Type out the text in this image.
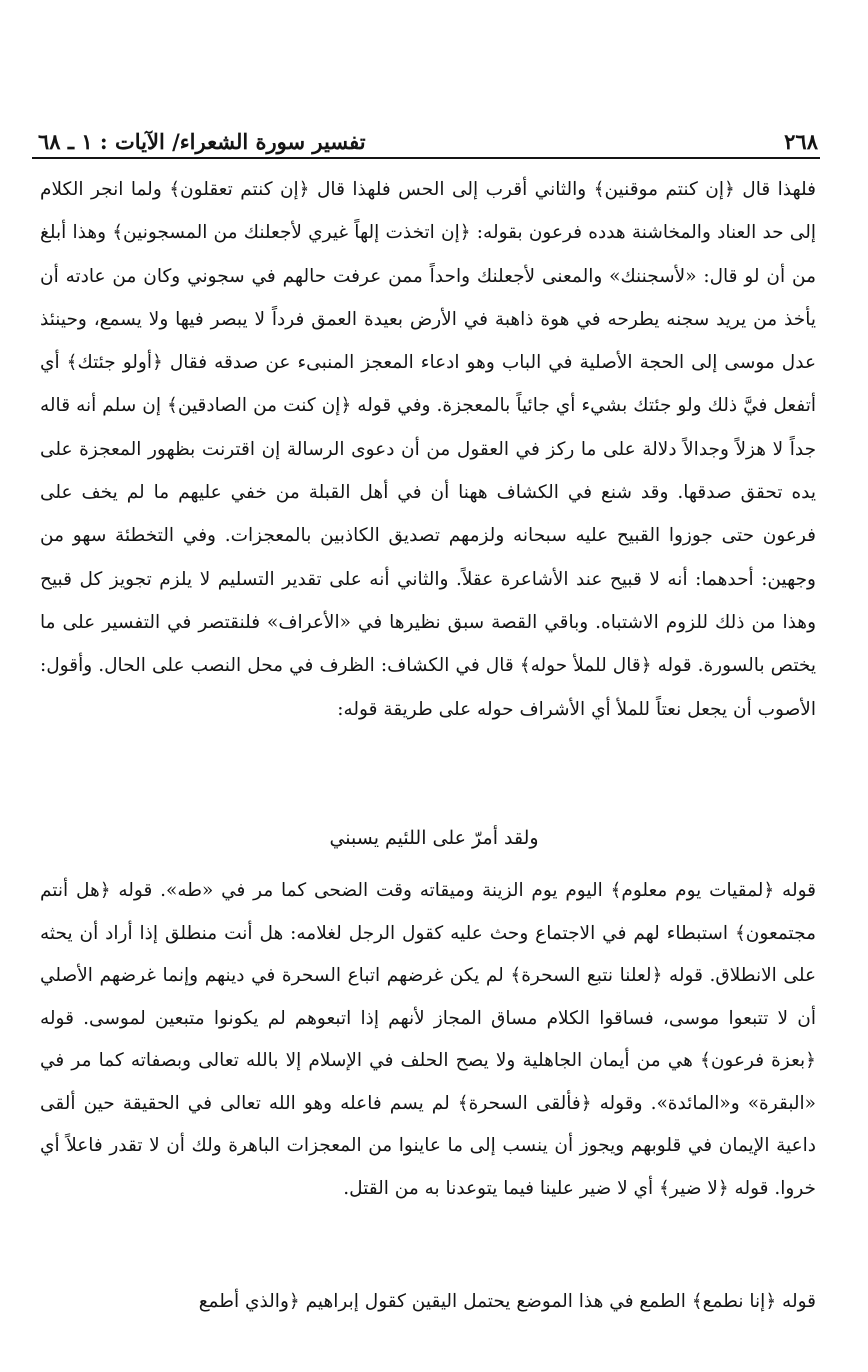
٢٦٨
تفسير سورة الشعراء/ الآيات : ١ ـ ٦٨

فلهذا قال ﴿إن كنتم موقنين﴾ والثاني أقرب إلى الحس فلهذا قال ﴿إن كنتم تعقلون﴾ ولما انجر الكلام إلى حد العناد والمخاشنة هدده فرعون بقوله: ﴿إن اتخذت إلهاً غيري لأجعلنك من المسجونين﴾ وهذا أبلغ من أن لو قال: «لأسجننك» والمعنى لأجعلنك واحداً ممن عرفت حالهم في سجوني وكان من عادته أن يأخذ من يريد سجنه يطرحه في هوة ذاهبة في الأرض بعيدة العمق فرداً لا يبصر فيها ولا يسمع، وحينئذ عدل موسى إلى الحجة الأصلية في الباب وهو ادعاء المعجز المنبىء عن صدقه فقال ﴿أولو جئتك﴾ أي أتفعل فيَّ ذلك ولو جئتك بشيء أي جائياً بالمعجزة. وفي قوله ﴿إن كنت من الصادقين﴾ إن سلم أنه قاله جداً لا هزلاً وجدالاً دلالة على ما ركز في العقول من أن دعوى الرسالة إن اقترنت بظهور المعجزة على يده تحقق صدقها. وقد شنع في الكشاف ههنا أن في أهل القبلة من خفي عليهم ما لم يخف على فرعون حتى جوزوا القبيح عليه سبحانه ولزمهم تصديق الكاذبين بالمعجزات. وفي التخطئة سهو من وجهين: أحدهما: أنه لا قبيح عند الأشاعرة عقلاً. والثاني أنه على تقدير التسليم لا يلزم تجويز كل قبيح وهذا من ذلك للزوم الاشتباه. وباقي القصة سبق نظيرها في «الأعراف» فلنقتصر في التفسير على ما يختص بالسورة. قوله ﴿قال للملأ حوله﴾ قال في الكشاف: الظرف في محل النصب على الحال. وأقول: الأصوب أن يجعل نعتاً للملأ أي الأشراف حوله على طريقة قوله:

ولقد أمرّ على اللئيم يسبني

قوله ﴿لمقيات يوم معلوم﴾ اليوم يوم الزينة وميقاته وقت الضحى كما مر في «طه». قوله ﴿هل أنتم مجتمعون﴾ استبطاء لهم في الاجتماع وحث عليه كقول الرجل لغلامه: هل أنت منطلق إذا أراد أن يحثه على الانطلاق. قوله ﴿لعلنا نتبع السحرة﴾ لم يكن غرضهم اتباع السحرة في دينهم وإنما غرضهم الأصلي أن لا تتبعوا موسى، فساقوا الكلام مساق المجاز لأنهم إذا اتبعوهم لم يكونوا متبعين لموسى. قوله ﴿بعزة فرعون﴾ هي من أيمان الجاهلية ولا يصح الحلف في الإسلام إلا بالله تعالى وبصفاته كما مر في «البقرة» و«المائدة». وقوله ﴿فألقى السحرة﴾ لم يسم فاعله وهو الله تعالى في الحقيقة حين ألقى داعية الإيمان في قلوبهم ويجوز أن ينسب إلى ما عاينوا من المعجزات الباهرة ولك أن لا تقدر فاعلاً أي خروا. قوله ﴿لا ضير﴾ أي لا ضير علينا فيما يتوعدنا به من القتل.

قوله ﴿إنا نطمع﴾ الطمع في هذا الموضع يحتمل اليقين كقول إبراهيم ﴿والذي أطمع
